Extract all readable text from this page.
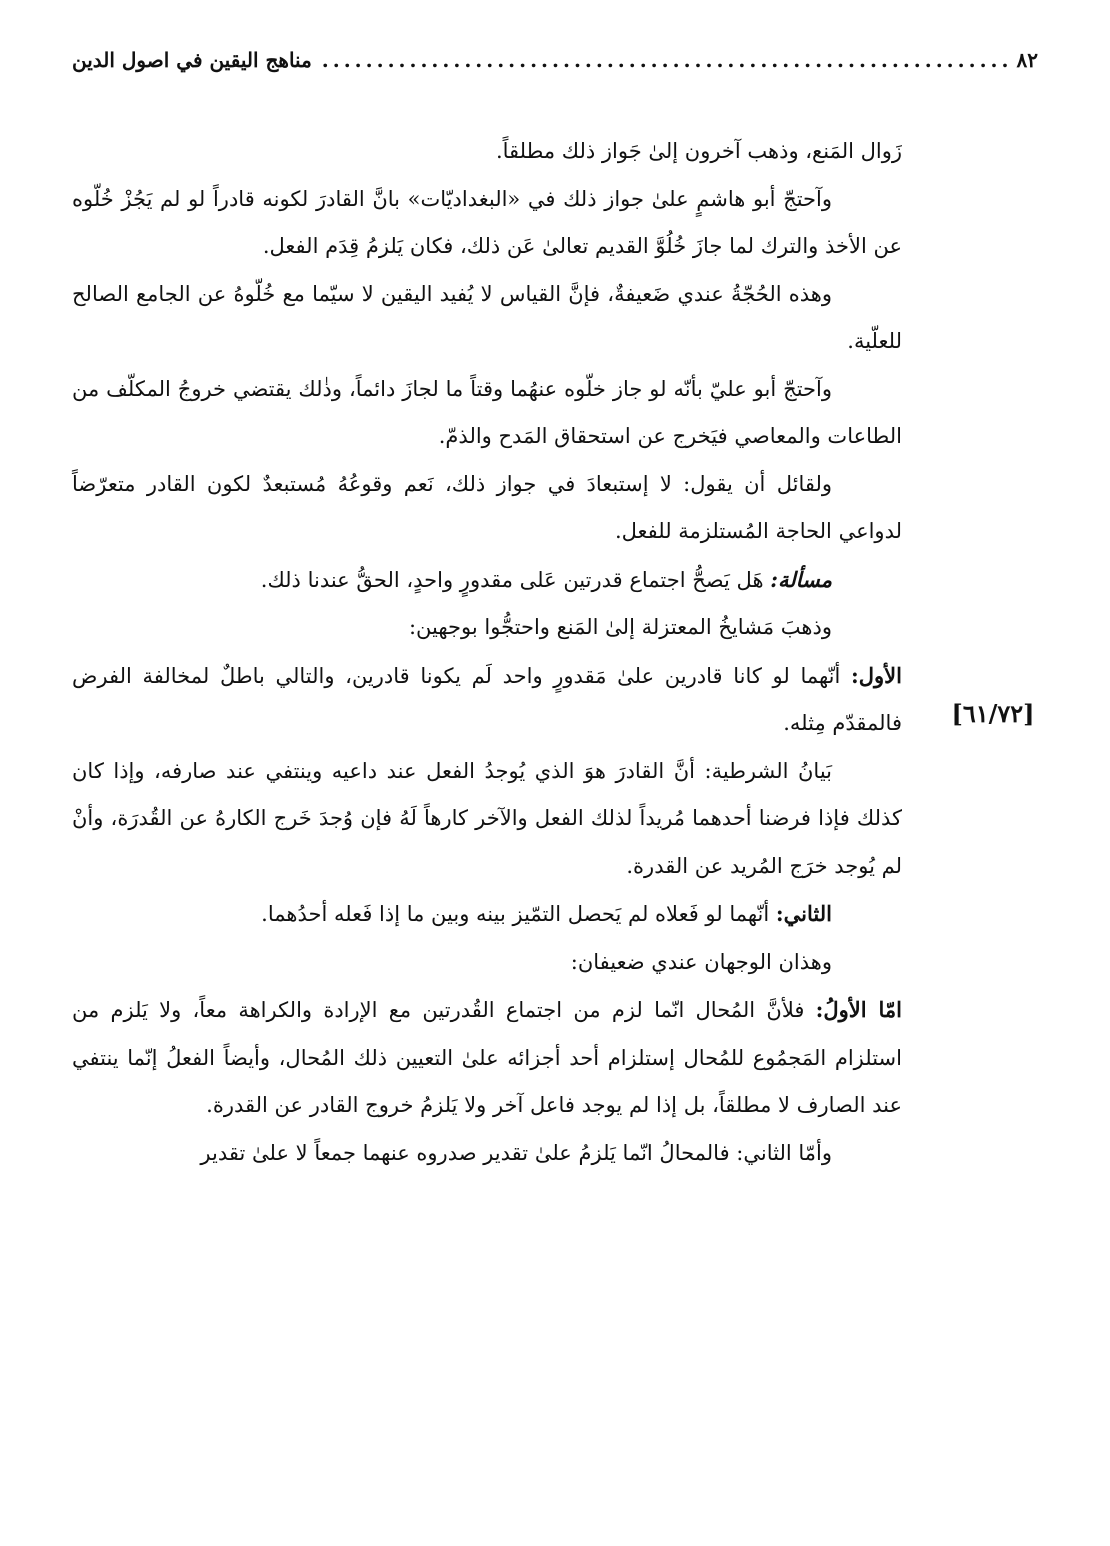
٨٢
.....
مناهج اليقين في اصول الدين
[٦١/٧٢]

زَوال المَنع، وذهب آخرون إلىٰ جَواز ذلك مطلقاً.

وآحتجّ أبو هاشمٍ علىٰ جواز ذلك في «البغداديّات» بانَّ القادرَ لكونه قادراً لو لم يَجُزْ خُلّوه عن الأخذ والترك لما جازَ خُلُوَّ القديم تعالىٰ عَن ذلك، فكان يَلزمُ قِدَم الفعل.

وهذه الحُجّةُ عندي ضَعيفةٌ، فإنَّ القياس لا يُفيد اليقين لا سيّما مع خُلّوهُ عن الجامع الصالح للعلّية.

وآحتجّ أبو عليّ بأنّه لو جاز خلّوه عنهُما وقتاً ما لجازَ دائماً، وذٰلك يقتضي خروجُ المكلّف من الطاعات والمعاصي فيَخرج عن استحقاق المَدح والذمّ.

ولقائل أن يقول: لا إستبعادَ في جواز ذلك، نَعم وقوعُهُ مُستبعدٌ لكون القادر متعرّضاً لدواعي الحاجة المُستلزمة للفعل.

مسألة: هَل يَصحُّ اجتماع قدرتين عَلى مقدورٍ واحدٍ، الحقُّ عندنا ذلك.

وذهبَ مَشايخُ المعتزلة إلىٰ المَنع واحتجُّوا بوجهين:

الأول: أنّهما لو كانا قادرين علىٰ مَقدورٍ واحد لَم يكونا قادرين، والتالي باطلٌ لمخالفة الفرض فالمقدّم مِثله.

بَيانُ الشرطية: أنَّ القادرَ هوَ الذي يُوجدُ الفعل عند داعيه وينتفي عند صارفه، وإذا كان كذلك فإذا فرضنا أحدهما مُريداً لذلك الفعل والآخر كارهاً لَهُ فإن وُجدَ خَرج الكارهُ عن القُدرَة، وأنْ لم يُوجد خرَج المُريد عن القدرة.

الثاني: أنّهما لو فَعلاه لم يَحصل التمّيز بينه وبين ما إذا فَعله أحدُهما.

وهذان الوجهان عندي ضعيفان:

امّا الأولُ: فلأنَّ المُحال انّما لزم من اجتماع القُدرتين مع الإرادة والكراهة معاً، ولا يَلزم من استلزام المَجمُوع للمُحال إستلزام أحد أجزائه علىٰ التعيين ذلك المُحال، وأيضاً الفعلُ إنّما ينتفي عند الصارف لا مطلقاً، بل إذا لم يوجد فاعل آخر ولا يَلزمُ خروج القادر عن القدرة.

وأمّا الثاني: فالمحالُ انّما يَلزمُ علىٰ تقدير صدروه عنهما جمعاً لا علىٰ تقدير
